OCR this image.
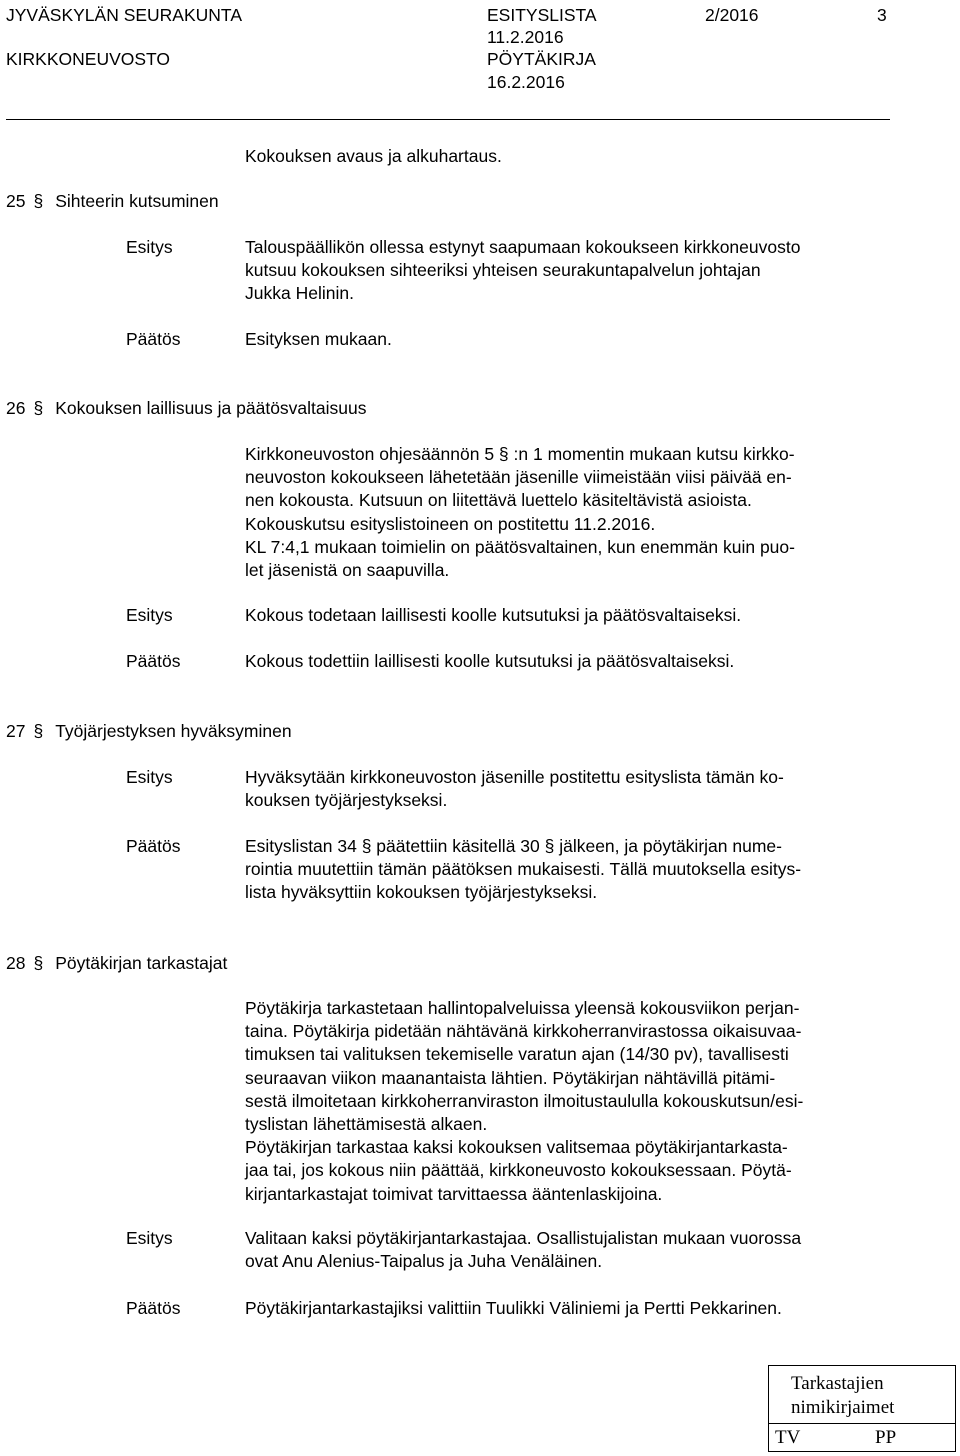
JYVÄSKYLÄN SEURAKUNTA
KIRKKONEUVOSTO
ESITYSLISTA
11.2.2016
PÖYTÄKIRJA
16.2.2016
2/2016	3
Kokouksen avaus ja alkuhartaus.
25 § Sihteerin kutsuminen
Esitys	Talouspäällikön ollessa estynyt saapumaan kokoukseen kirkkoneuvosto
kutsuu kokouksen sihteeriksi yhteisen seurakuntapalvelun johtajan
Jukka Helinin.
Päätös	Esityksen mukaan.
26 § Kokouksen laillisuus ja päätösvaltaisuus
Kirkkoneuvoston ohjesäännön 5 § :n 1 momentin mukaan kutsu kirkko-
neuvoston kokoukseen lähetetään jäsenille viimeistään viisi päivää en-
nen kokousta. Kutsuun on liitettävä luettelo käsiteltävistä asioista.
Kokouskutsu esityslistoineen on postitettu 11.2.2016.
KL 7:4,1 mukaan toimielin on päätösvaltainen, kun enemmän kuin puo-
let jäsenistä on saapuvilla.
Esitys	Kokous todetaan laillisesti koolle kutsutuksi ja päätösvaltaiseksi.
Päätös	Kokous todettiin laillisesti koolle kutsutuksi ja päätösvaltaiseksi.
27 § Työjärjestyksen hyväksyminen
Esitys	Hyväksytään kirkkoneuvoston jäsenille postitettu esityslista tämän ko-
kouksen työjärjestykseksi.
Päätös	Esityslistan 34 § päätettiin käsitellä 30 § jälkeen, ja pöytäkirjan nume-
rointia muutettiin tämän päätöksen mukaisesti. Tällä muutoksella esitys-
lista hyväksyttiin kokouksen työjärjestykseksi.
28 § Pöytäkirjan tarkastajat
Pöytäkirja tarkastetaan hallintopalveluissa yleensä kokousviikon perjan-
taina. Pöytäkirja pidetään nähtävänä kirkkoherranvirastossa oikaisuvaa-
timuksen tai valituksen tekemiselle varatun ajan (14/30 pv), tavallisesti
seuraavan viikon maanantaista lähtien. Pöytäkirjan nähtävillä pitämi-
sestä ilmoitetaan kirkkoherranviraston ilmoitustaululla kokouskutsun/esi-
tyslistan lähettämisestä alkaen.
Pöytäkirjan tarkastaa kaksi kokouksen valitsemaa pöytäkirjantarkasta-
jaa tai, jos kokous niin päättää, kirkkoneuvosto kokouksessaan. Pöytä-
kirjantarkastajat toimivat tarvittaessa ääntenlaskijoina.
Esitys	Valitaan kaksi pöytäkirjantarkastajaa. Osallistujalistan mukaan vuorossa
ovat Anu Alenius-Taipalus ja Juha Venäläinen.
Päätös	Pöytäkirjantarkastajiksi valittiin Tuulikki Väliniemi ja Pertti Pekkarinen.
Tarkastajien
nimikirjaimet
TV	PP
